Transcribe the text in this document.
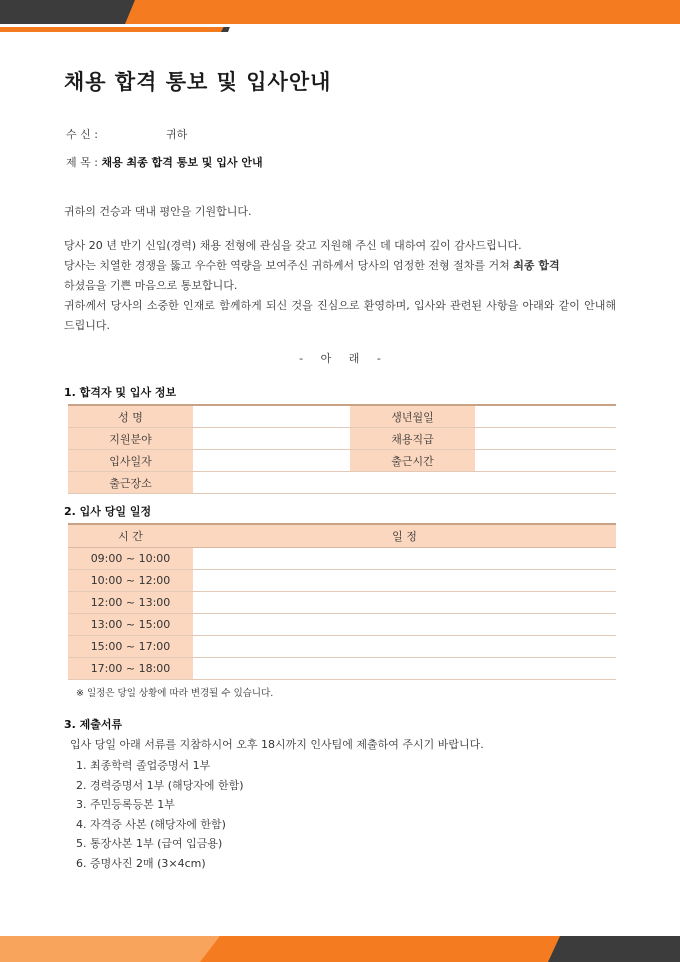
채용 합격 통보 및 입사안내
수 신 :	귀하
제 목 : 채용 최종 합격 통보 및 입사 안내
귀하의 건승과 댁내 평안을 기원합니다.
당사 20 년 반기 신입(경력) 채용 전형에 관심을 갖고 지원해 주신 데 대하여 깊이 감사드립니다.
당사는 치열한 경쟁을 뚫고 우수한 역량을 보여주신 귀하께서 당사의 엄정한 전형 절차를 거쳐 최종 합격
하셨음을 기쁜 마음으로 통보합니다.
귀하께서 당사의 소중한 인재로 함께하게 되신 것을 진심으로 환영하며, 입사와 관련된 사항을 아래와 같이 안내해 드립니다.
- 아 래 -
1. 합격자 및 입사 정보
성 명		생년월일	
지원분야		채용직급	
입사일자		출근시간	
출근장소			
2. 입사 당일 일정
시 간	일 정
09:00 ~ 10:00	
10:00 ~ 12:00	
12:00 ~ 13:00	
13:00 ~ 15:00	
15:00 ~ 17:00	
17:00 ~ 18:00	
※ 일정은 당일 상황에 따라 변경될 수 있습니다.
3. 제출서류
입사 당일 아래 서류를 지참하시어 오후 18시까지 인사팀에 제출하여 주시기 바랍니다.
1. 최종학력 졸업증명서 1부
2. 경력증명서 1부 (해당자에 한함)
3. 주민등록등본 1부
4. 자격증 사본 (해당자에 한함)
5. 통장사본 1부 (급여 입금용)
6. 증명사진 2매 (3×4cm)
